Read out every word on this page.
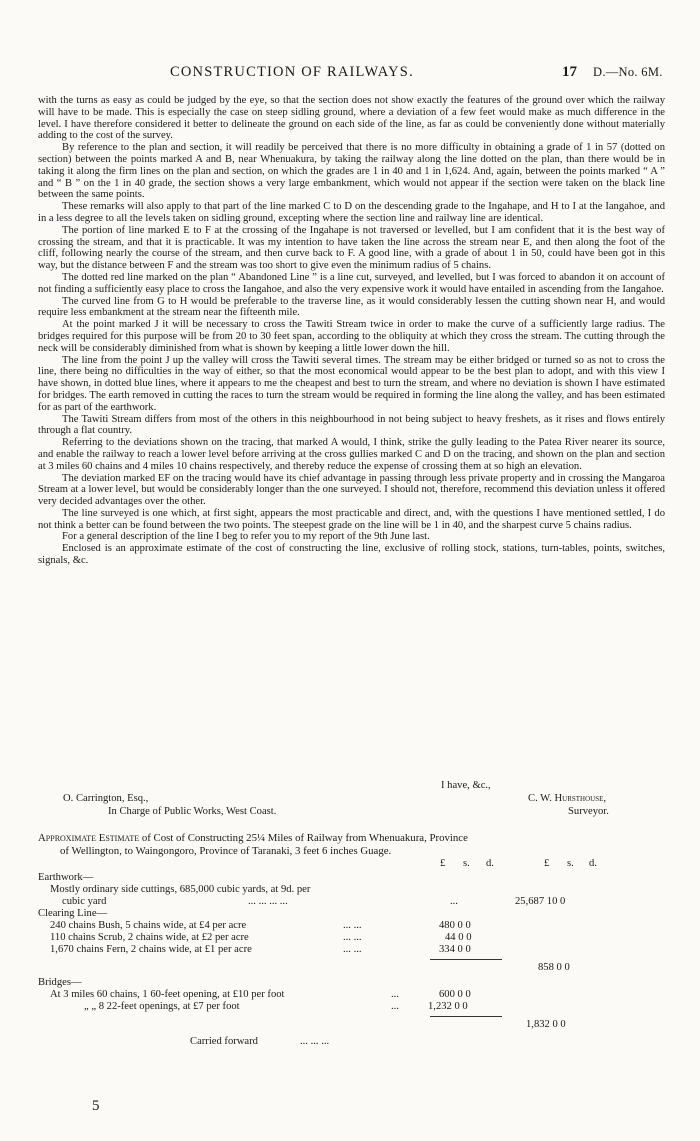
CONSTRUCTION OF RAILWAYS.	17 D.—No. 6M.

with the turns as easy as could be judged by the eye, so that the section does not show exactly the features of the ground over which the railway will have to be made. This is especially the case on steep sidling ground, where a deviation of a few feet would make as much difference in the level. I have therefore considered it better to delineate the ground on each side of the line, as far as could be conveniently done without materially adding to the cost of the survey.

By reference to the plan and section, it will readily be perceived that there is no more difficulty in obtaining a grade of 1 in 57 (dotted on section) between the points marked A and B, near Whenuakura, by taking the railway along the line dotted on the plan, than there would be in taking it along the firm lines on the plan and section, on which the grades are 1 in 40 and 1 in 1,624. And, again, between the points marked “ A ” and “ B ” on the 1 in 40 grade, the section shows a very large embankment, which would not appear if the section were taken on the black line between the same points.

These remarks will also apply to that part of the line marked C to D on the descending grade to the Ingahape, and H to I at the Iangahoe, and in a less degree to all the levels taken on sidling ground, excepting where the section line and railway line are identical.

The portion of line marked E to F at the crossing of the Ingahape is not traversed or levelled, but I am confident that it is the best way of crossing the stream, and that it is practicable. It was my intention to have taken the line across the stream near E, and then along the foot of the cliff, following nearly the course of the stream, and then curve back to F. A good line, with a grade of about 1 in 50, could have been got in this way, but the distance between F and the stream was too short to give even the minimum radius of 5 chains.

The dotted red line marked on the plan “ Abandoned Line ” is a line cut, surveyed, and levelled, but I was forced to abandon it on account of not finding a sufficiently easy place to cross the Iangahoe, and also the very expensive work it would have entailed in ascending from the Iangahoe.

The curved line from G to H would be preferable to the traverse line, as it would considerably lessen the cutting shown near H, and would require less embankment at the stream near the fifteenth mile.

At the point marked J it will be necessary to cross the Tawiti Stream twice in order to make the curve of a sufficiently large radius. The bridges required for this purpose will be from 20 to 30 feet span, according to the obliquity at which they cross the stream. The cutting through the neck will be considerably diminished from what is shown by keeping a little lower down the hill.

The line from the point J up the valley will cross the Tawiti several times. The stream may be either bridged or turned so as not to cross the line, there being no difficulties in the way of either, so that the most economical would appear to be the best plan to adopt, and with this view I have shown, in dotted blue lines, where it appears to me the cheapest and best to turn the stream, and where no deviation is shown I have estimated for bridges. The earth removed in cutting the races to turn the stream would be required in forming the line along the valley, and has been estimated for as part of the earthwork.

The Tawiti Stream differs from most of the others in this neighbourhood in not being subject to heavy freshets, as it rises and flows entirely through a flat country.

Referring to the deviations shown on the tracing, that marked A would, I think, strike the gully leading to the Patea River nearer its source, and enable the railway to reach a lower level before arriving at the cross gullies marked C and D on the tracing, and shown on the plan and section at 3 miles 60 chains and 4 miles 10 chains respectively, and thereby reduce the expense of crossing them at so high an elevation.

The deviation marked EF on the tracing would have its chief advantage in passing through less private property and in crossing the Mangaroa Stream at a lower level, but would be considerably longer than the one surveyed. I should not, therefore, recommend this deviation unless it offered very decided advantages over the other.

The line surveyed is one which, at first sight, appears the most practicable and direct, and, with the questions I have mentioned settled, I do not think a better can be found between the two points. The steepest grade on the line will be 1 in 40, and the sharpest curve 5 chains radius.

For a general description of the line I beg to refer you to my report of the 9th June last.

Enclosed is an approximate estimate of the cost of constructing the line, exclusive of rolling stock, stations, turn-tables, points, switches, signals, &c.

I have, &c.,
O. Carrington, Esq.,	C. W. Hursthouse,
In Charge of Public Works, West Coast.	Surveyor.
Approximate Estimate of Cost of Constructing 25¼ Miles of Railway from Whenuakura, Province
of Wellington, to Waingongoro, Province of Taranaki, 3 feet 6 inches Guage.
£ s. d.	£ s. d.
Earthwork—
Mostly ordinary side cuttings, 685,000 cubic yards, at 9d. per
cubic yard	... ... ... ...	...	25,687 10 0
Clearing Line—
240 chains Bush, 5 chains wide, at £4 per acre	... ...	480 0 0
110 chains Scrub, 2 chains wide, at £2 per acre	... ...	44 0 0
1,670 chains Fern, 2 chains wide, at £1 per acre	... ...	334 0 0
858 0 0
Bridges—
At 3 miles 60 chains, 1 60-feet opening, at £10 per foot	...	600 0 0
„ „ 8 22-feet openings, at £7 per foot	...	1,232 0 0
1,832 0 0
Carried forward	... ... ...
5
